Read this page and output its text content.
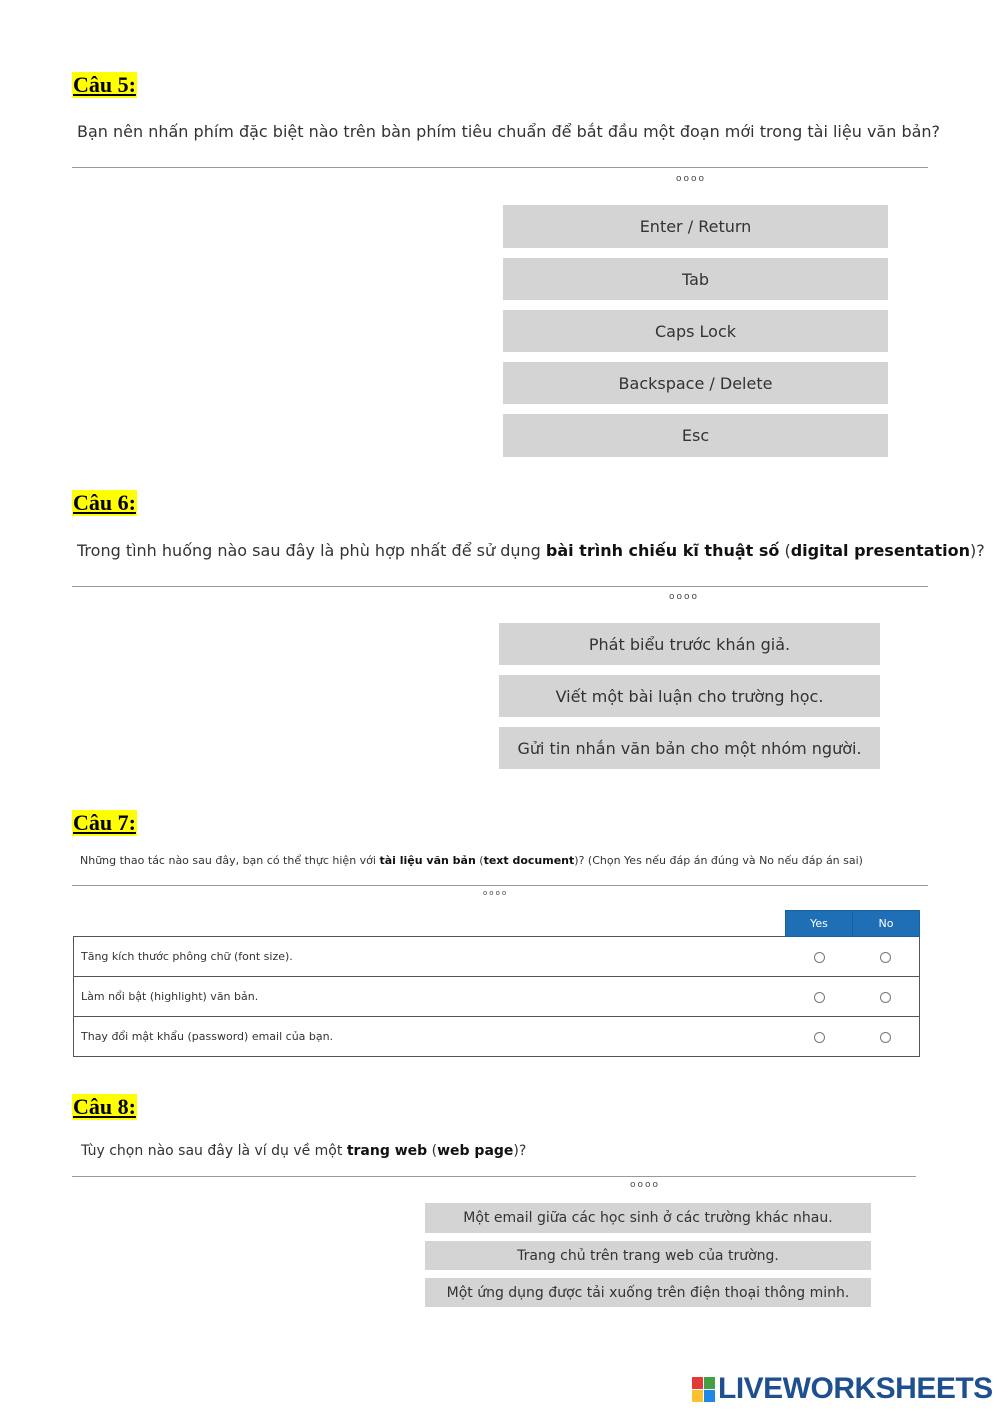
Câu 5:

Bạn nên nhấn phím đặc biệt nào trên bàn phím tiêu chuẩn để bắt đầu một đoạn mới trong tài liệu văn bản?

oooo
Enter / Return
Tab
Caps Lock
Backspace / Delete
Esc
Câu 6:

Trong tình huống nào sau đây là phù hợp nhất để sử dụng bài trình chiếu kĩ thuật số (digital presentation)?

oooo
Phát biểu trước khán giả.
Viết một bài luận cho trường học.
Gửi tin nhắn văn bản cho một nhóm người.
Câu 7:

Những thao tác nào sau đây, bạn có thể thực hiện với tài liệu văn bản (text document)? (Chọn Yes nếu đáp án đúng và No nếu đáp án sai)

oooo
	Yes	No
Tăng kích thước phông chữ (font size).		
Làm nổi bật (highlight) văn bản.		
Thay đổi mật khẩu (password) email của bạn.		
Câu 8:

Tùy chọn nào sau đây là ví dụ về một trang web (web page)?

oooo
Một email giữa các học sinh ở các trường khác nhau.
Trang chủ trên trang web của trường.
Một ứng dụng được tải xuống trên điện thoại thông minh.
LIVEWORKSHEETS
